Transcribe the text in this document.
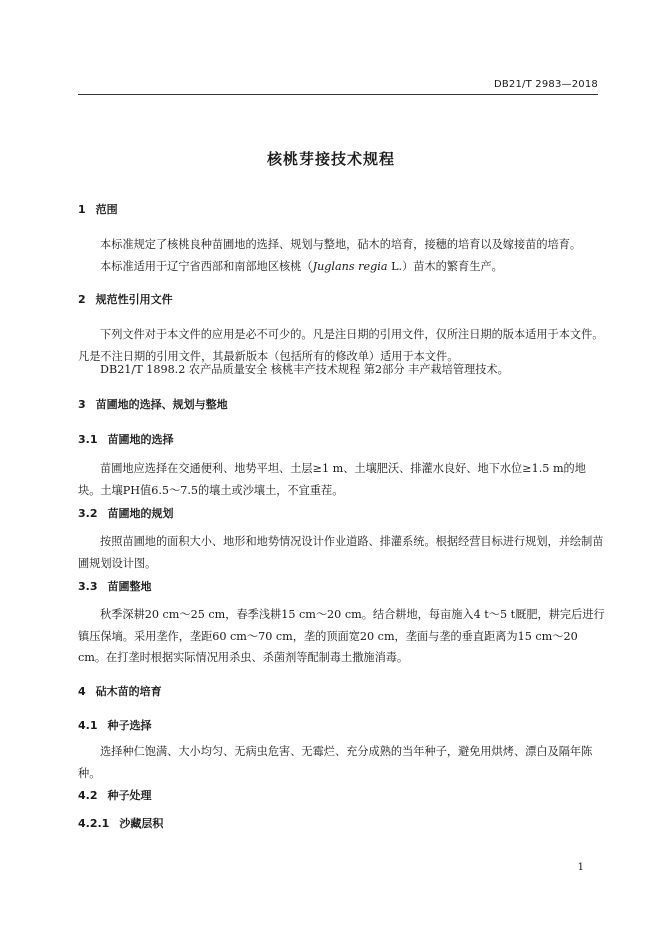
DB21/T 2983—2018
核桃芽接技术规程
1 范围

本标准规定了核桃良种苗圃地的选择、规划与整地，砧木的培育，接穗的培育以及嫁接苗的培育。

本标准适用于辽宁省西部和南部地区核桃（Juglans regia L.）苗木的繁育生产。

2 规范性引用文件

下列文件对于本文件的应用是必不可少的。凡是注日期的引用文件，仅所注日期的版本适用于本文件。凡是不注日期的引用文件，其最新版本（包括所有的修改单）适用于本文件。

DB21/T 1898.2 农产品质量安全 核桃丰产技术规程 第2部分 丰产栽培管理技术。

3 苗圃地的选择、规划与整地
3.1 苗圃地的选择

苗圃地应选择在交通便利、地势平坦、土层≥1 m、土壤肥沃、排灌水良好、地下水位≥1.5 m的地块。土壤PH值6.5～7.5的壤土或沙壤土，不宜重茬。

3.2 苗圃地的规划

按照苗圃地的面积大小、地形和地势情况设计作业道路、排灌系统。根据经营目标进行规划，并绘制苗圃规划设计图。

3.3 苗圃整地

秋季深耕20 cm～25 cm，春季浅耕15 cm～20 cm。结合耕地，每亩施入4 t～5 t厩肥，耕完后进行镇压保墒。采用垄作，垄距60 cm～70 cm，垄的顶面宽20 cm，垄面与垄的垂直距离为15 cm～20 cm。在打垄时根据实际情况用杀虫、杀菌剂等配制毒土撒施消毒。

4 砧木苗的培育
4.1 种子选择

选择种仁饱满、大小均匀、无病虫危害、无霉烂、充分成熟的当年种子，避免用烘烤、漂白及隔年陈种。

4.2 种子处理
4.2.1 沙藏层积
1
